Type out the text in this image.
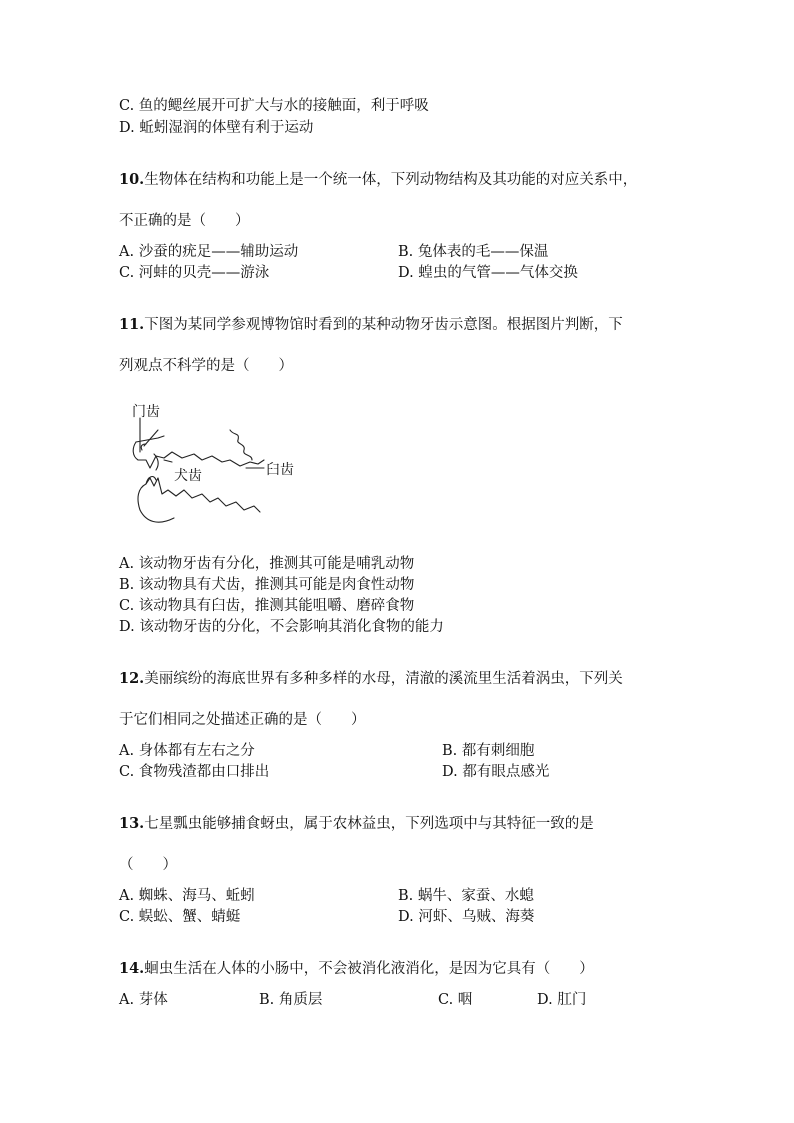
C. 鱼的鳃丝展开可扩大与水的接触面，利于呼吸
D. 蚯蚓湿润的体壁有利于运动
10.生物体在结构和功能上是一个统一体，下列动物结构及其功能的对应关系中，
不正确的是（　　）
A. 沙蚕的疣足——辅助运动	B. 兔体表的毛——保温
C. 河蚌的贝壳——游泳	D. 蝗虫的气管——气体交换
11.下图为某同学参观博物馆时看到的某种动物牙齿示意图。根据图片判断，下
列观点不科学的是（　　）
门齿
犬齿	臼齿
A. 该动物牙齿有分化，推测其可能是哺乳动物
B. 该动物具有犬齿，推测其可能是肉食性动物
C. 该动物具有臼齿，推测其能咀嚼、磨碎食物
D. 该动物牙齿的分化，不会影响其消化食物的能力
12.美丽缤纷的海底世界有多种多样的水母，清澈的溪流里生活着涡虫，下列关
于它们相同之处描述正确的是（　　）
A. 身体都有左右之分	B. 都有刺细胞
C. 食物残渣都由口排出	D. 都有眼点感光
13.七星瓢虫能够捕食蚜虫，属于农林益虫，下列选项中与其特征一致的是
（　　）
A. 蜘蛛、海马、蚯蚓	B. 蜗牛、家蚕、水螅
C. 蜈蚣、蟹、蜻蜓	D. 河虾、乌贼、海葵
14.蛔虫生活在人体的小肠中，不会被消化液消化，是因为它具有（　　）
A. 芽体	B. 角质层	C. 咽	D. 肛门
